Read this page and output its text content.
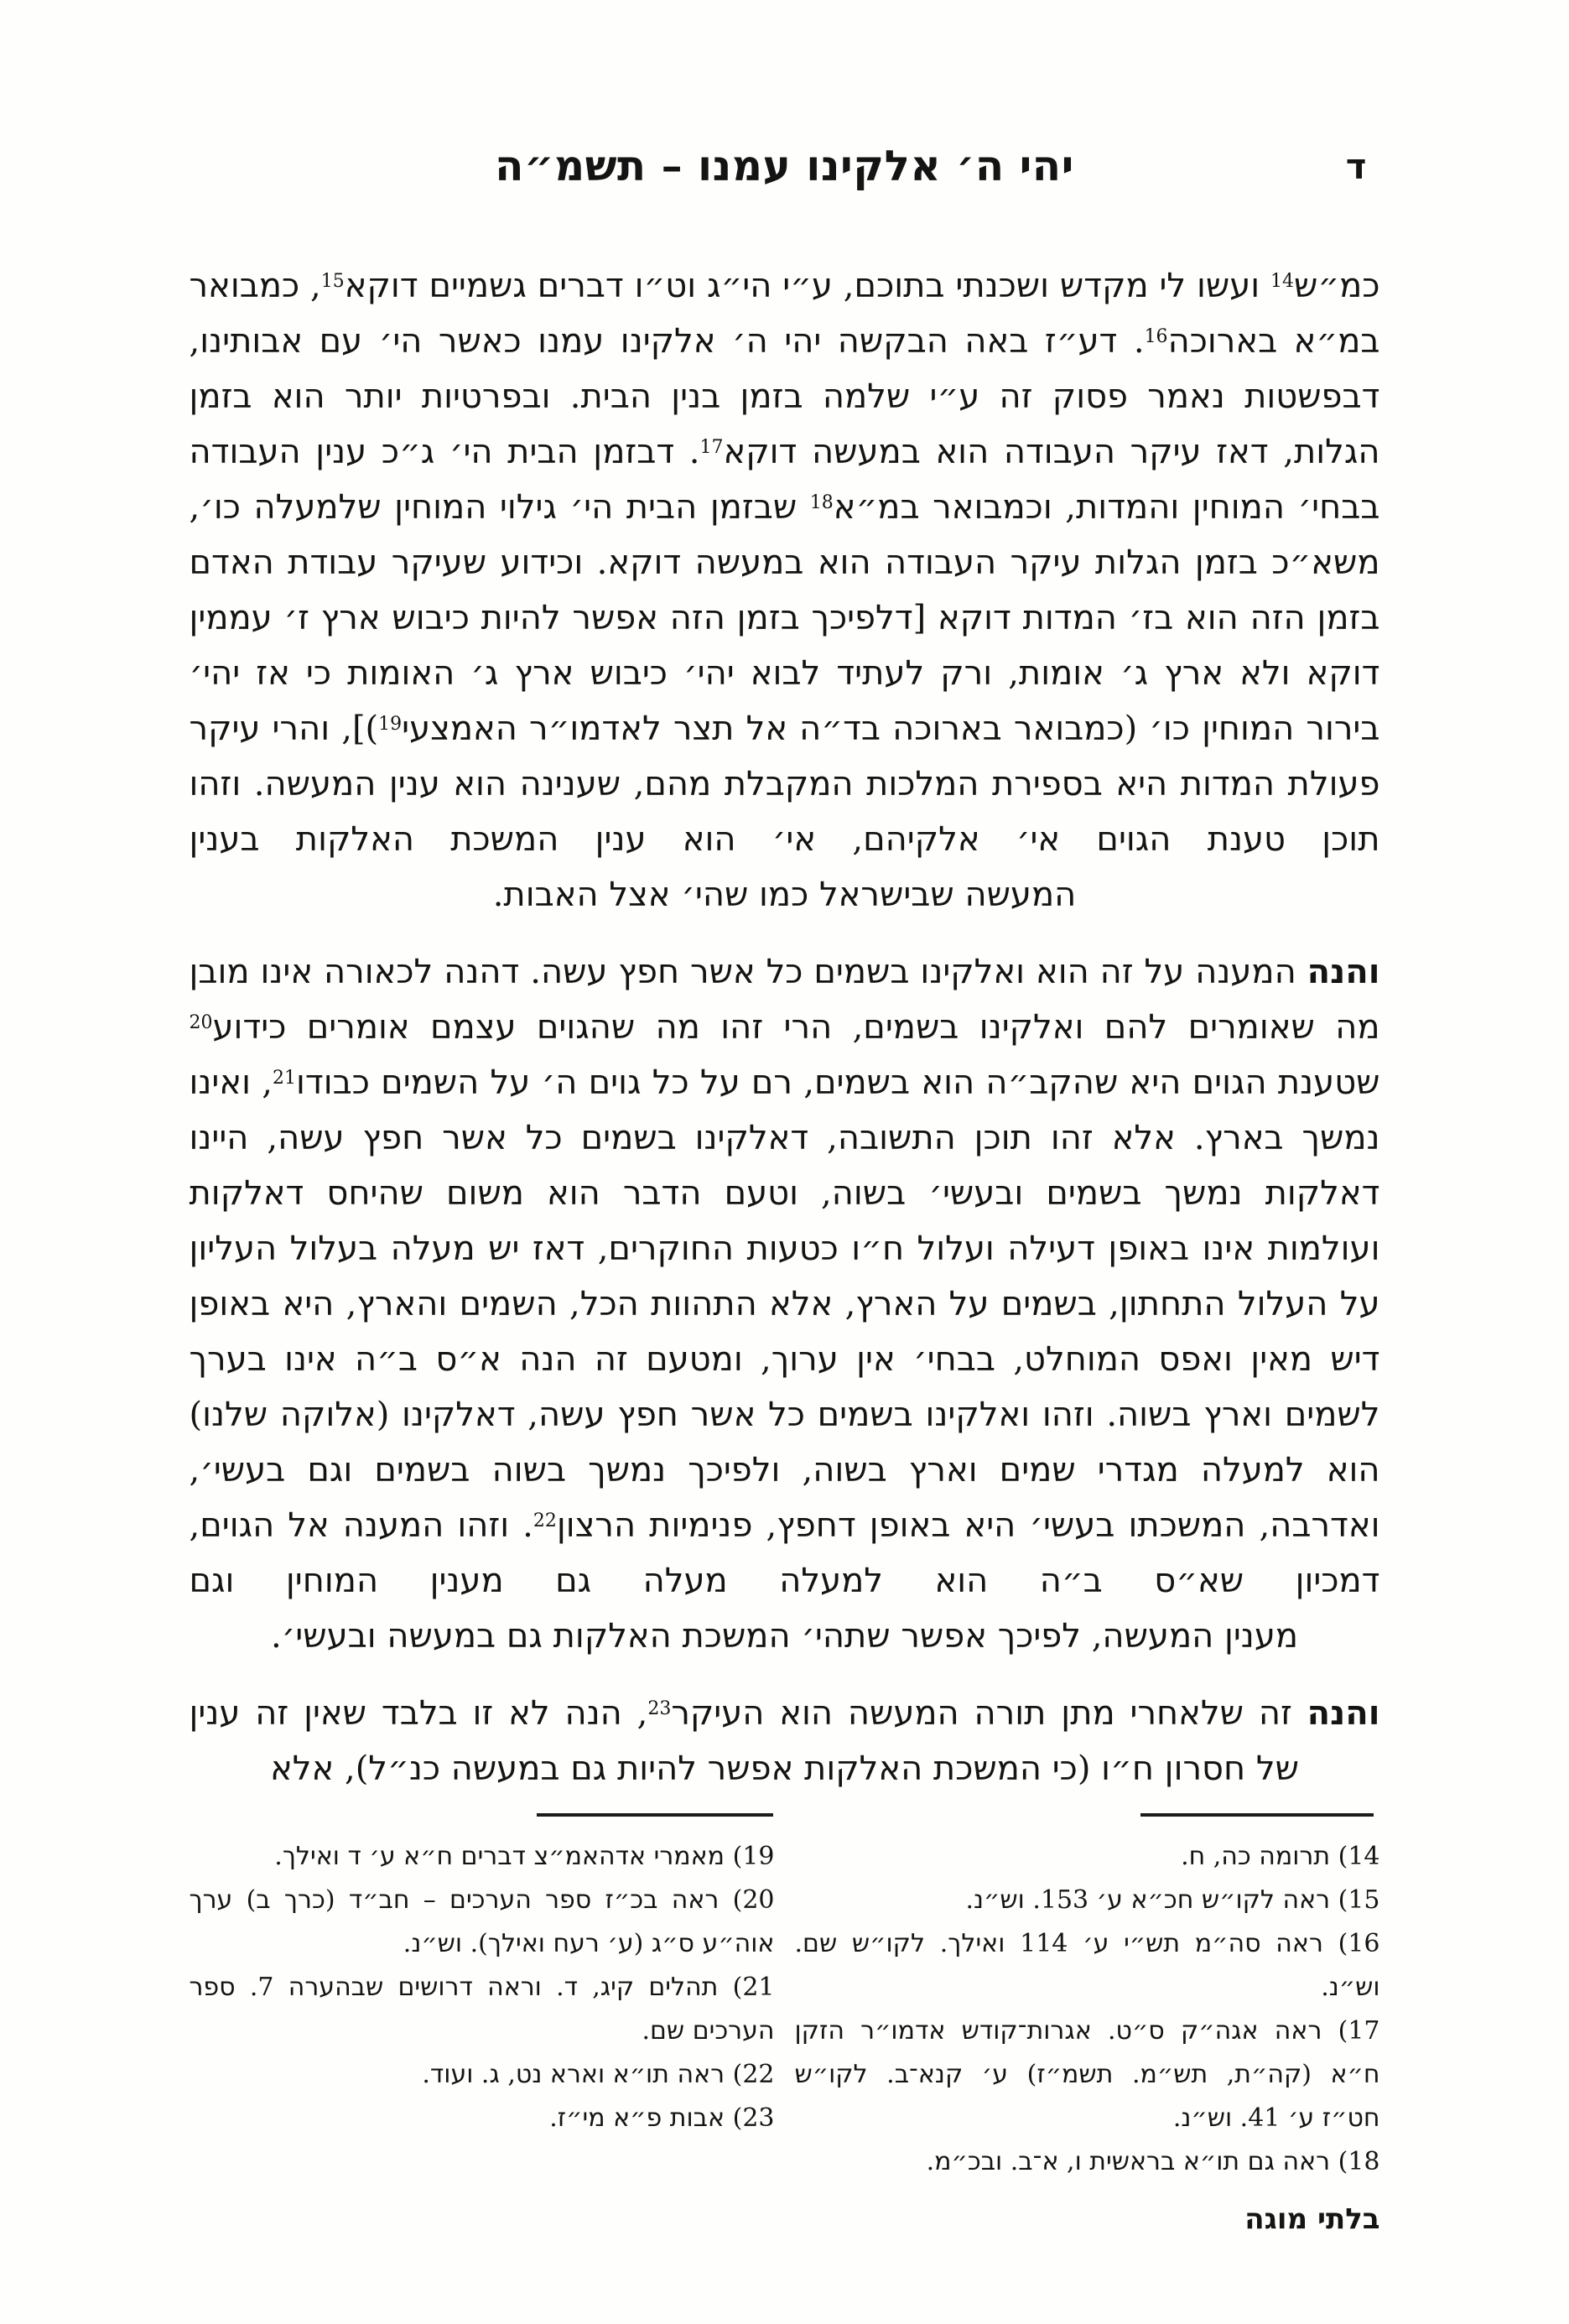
יהי ה׳ אלקינו עמנו – תשמ״ה	ד
כמ״ש$^{14}$ ועשו לי מקדש ושכנתי בתוכם, ע״י הי״ג וט״ו דברים גשמיים דוקא$^{15}$, כמבואר במ״א בארוכה$^{16}$. דע״ז באה הבקשה יהי ה׳ אלקינו עמנו כאשר הי׳ עם אבותינו, דבפשטות נאמר פסוק זה ע״י שלמה בזמן בנין הבית. ובפרטיות יותר הוא בזמן הגלות, דאז עיקר העבודה הוא במעשה דוקא$^{17}$. דבזמן הבית הי׳ ג״כ ענין העבודה בבחי׳ המוחין והמדות, וכמבואר במ״א$^{18}$ שבזמן הבית הי׳ גילוי המוחין שלמעלה כו׳, משא״כ בזמן הגלות עיקר העבודה הוא במעשה דוקא. וכידוע שעיקר עבודת האדם בזמן הזה הוא בז׳ המדות דוקא [דלפיכך בזמן הזה אפשר להיות כיבוש ארץ ז׳ עממין דוקא ולא ארץ ג׳ אומות, ורק לעתיד לבוא יהי׳ כיבוש ארץ ג׳ האומות כי אז יהי׳ בירור המוחין כו׳ (כמבואר בארוכה בד״ה אל תצר לאדמו״ר האמצעי$^{19}$)], והרי עיקר פעולת המדות היא בספירת המלכות המקבלת מהם, שענינה הוא ענין המעשה. וזהו תוכן טענת הגוים אי׳ אלקיהם, אי׳ הוא ענין המשכת האלקות בענין
המעשה שבישראל כמו שהי׳ אצל האבות.
והנה המענה על זה הוא ואלקינו בשמים כל אשר חפץ עשה. דהנה לכאורה אינו מובן מה שאומרים להם ואלקינו בשמים, הרי זהו מה שהגוים עצמם אומרים כידוע$^{20}$ שטענת הגוים היא שהקב״ה הוא בשמים, רם על כל גוים ה׳ על השמים כבודו$^{21}$, ואינו נמשך בארץ. אלא זהו תוכן התשובה, דאלקינו בשמים כל אשר חפץ עשה, היינו דאלקות נמשך בשמים ובעשי׳ בשוה, וטעם הדבר הוא משום שהיחס דאלקות ועולמות אינו באופן דעילה ועלול ח״ו כטעות החוקרים, דאז יש מעלה בעלול העליון על העלול התחתון, בשמים על הארץ, אלא התהוות הכל, השמים והארץ, היא באופן דיש מאין ואפס המוחלט, בבחי׳ אין ערוך, ומטעם זה הנה א״ס ב״ה אינו בערך לשמים וארץ בשוה. וזהו ואלקינו בשמים כל אשר חפץ עשה, דאלקינו (אלוקה שלנו) הוא למעלה מגדרי שמים וארץ בשוה, ולפיכך נמשך בשוה בשמים וגם בעשי׳, ואדרבה, המשכתו בעשי׳ היא באופן דחפץ, פנימיות הרצון$^{22}$. וזהו המענה אל הגוים, דמכיון שא״ס ב״ה הוא למעלה מעלה גם מענין המוחין וגם
מענין המעשה, לפיכך אפשר שתהי׳ המשכת האלקות גם במעשה ובעשי׳.
והנה זה שלאחרי מתן תורה המעשה הוא העיקר$^{23}$, הנה לא זו בלבד שאין זה ענין
של חסרון ח״ו (כי המשכת האלקות אפשר להיות גם במעשה כנ״ל), אלא
14) תרומה כה, ח.
15) ראה לקו״ש חכ״א ע׳ 153. וש״נ.
16) ראה סה״מ תש״י ע׳ 114 ואילך. לקו״ש שם. וש״נ.
17) ראה אגה״ק ס״ט. אגרות־קודש אדמו״ר הזקן ח״א (קה״ת, תש״מ. תשמ״ז) ע׳ קנא־ב. לקו״ש חט״ז ע׳ 41. וש״נ.
18) ראה גם תו״א בראשית ו, א־ב. ובכ״מ.
19) מאמרי אדהאמ״צ דברים ח״א ע׳ ד ואילך.
20) ראה בכ״ז ספר הערכים – חב״ד (כרך ב) ערך אוה״ע ס״ג (ע׳ רעח ואילך). וש״נ.
21) תהלים קיג, ד. וראה דרושים שבהערה 7. ספר הערכים שם.
22) ראה תו״א וארא נט, ג. ועוד.
23) אבות פ״א מי״ז.
בלתי מוגה
